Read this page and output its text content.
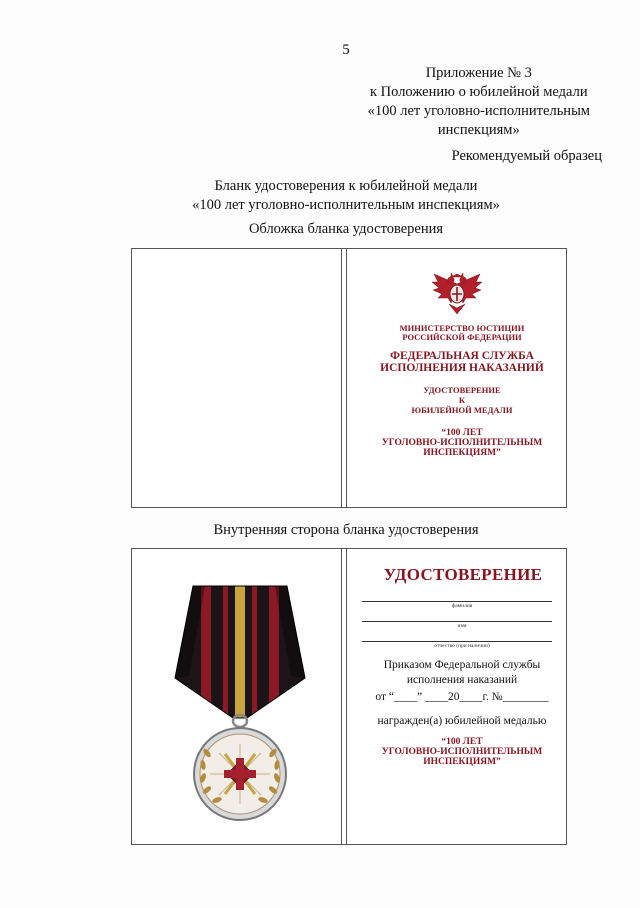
5
Приложение № 3
к Положению о юбилейной медали
«100 лет уголовно-исполнительным
инспекциям»
Рекомендуемый образец
Бланк удостоверения к юбилейной медали
«100 лет уголовно-исполнительным инспекциям»
Обложка бланка удостоверения
МИНИСТЕРСТВО ЮСТИЦИИ
РОССИЙСКОЙ ФЕДЕРАЦИИ
ФЕДЕРАЛЬНАЯ СЛУЖБА
ИСПОЛНЕНИЯ НАКАЗАНИЙ
УДОСТОВЕРЕНИЕ
К
ЮБИЛЕЙНОЙ МЕДАЛИ
“100 ЛЕТ
УГОЛОВНО-ИСПОЛНИТЕЛЬНЫМ
ИНСПЕКЦИЯМ”
Внутренняя сторона бланка удостоверения
УДОСТОВЕРЕНИЕ
фамилия
имя
отчество (при наличии)
Приказом Федеральной службы
исполнения наказаний
от “____” ____20____г. №________
награжден(а) юбилейной медалью
“100 ЛЕТ
УГОЛОВНО-ИСПОЛНИТЕЛЬНЫМ
ИНСПЕКЦИЯМ”
